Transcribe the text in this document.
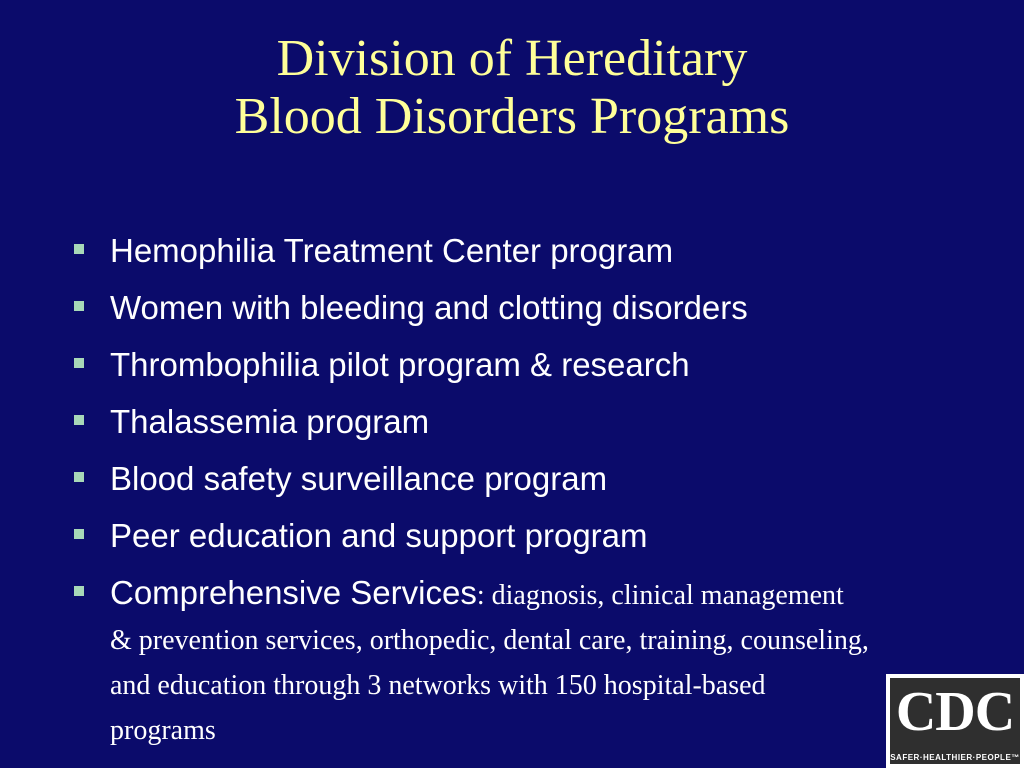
Division of Hereditary
Blood Disorders Programs
Hemophilia Treatment Center program
Women with bleeding and clotting disorders
Thrombophilia pilot program & research
Thalassemia program
Blood safety surveillance program
Peer education and support program
Comprehensive Services: diagnosis, clinical management & prevention services, orthopedic, dental care, training, counseling, and education through 3 networks with 150 hospital-based programs	CDC
SAFER·HEALTHIER·PEOPLE™
